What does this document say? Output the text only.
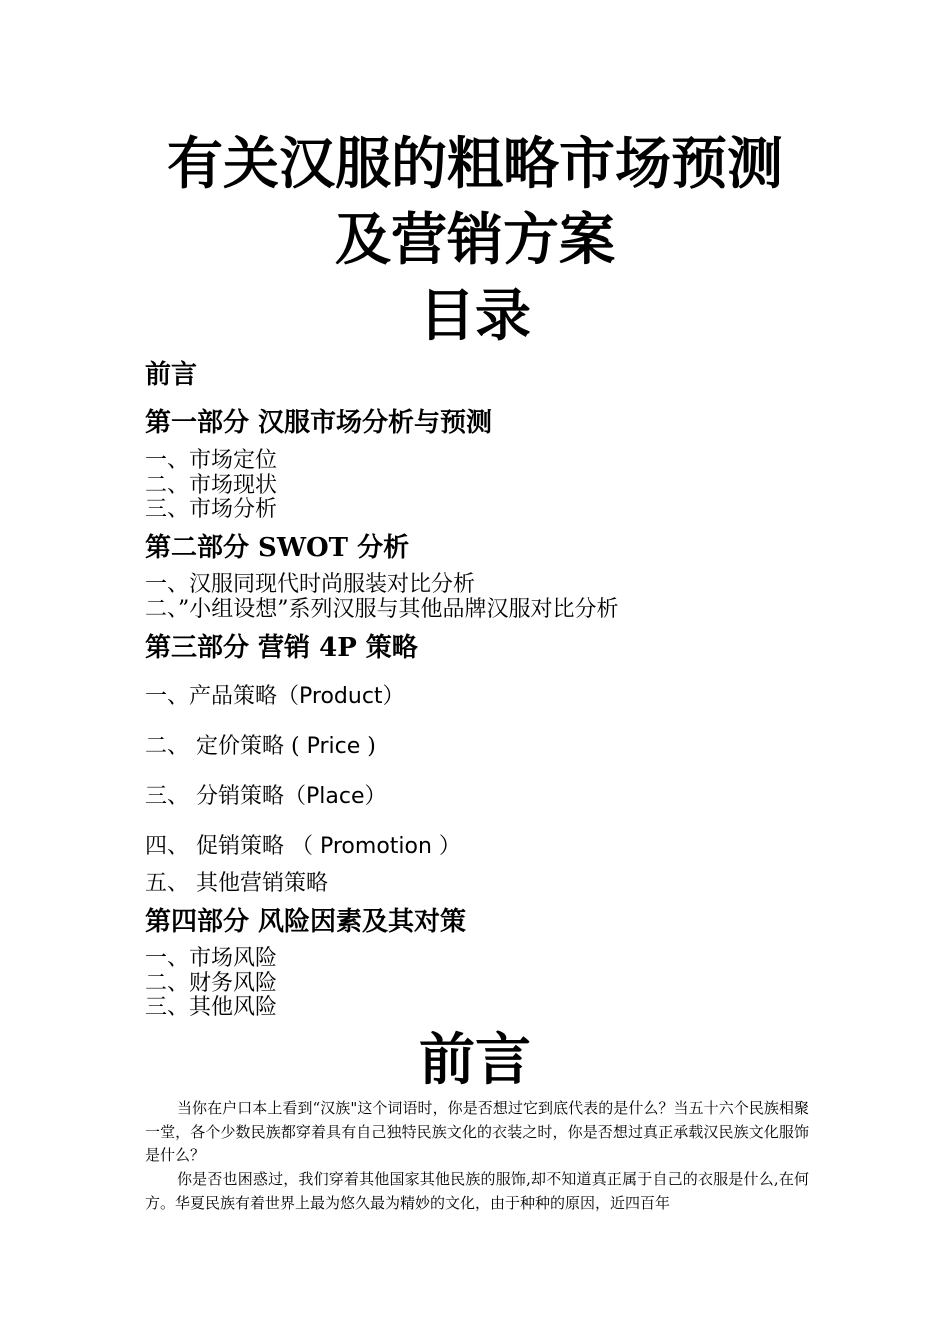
有关汉服的粗略市场预测
及营销方案
目录
前言
第一部分 汉服市场分析与预测
一、市场定位
二、市场现状
三、市场分析
第二部分 SWOT 分析
一、汉服同现代时尚服装对比分析
二、”小组设想”系列汉服与其他品牌汉服对比分析
第三部分 营销 4P 策略
一、产品策略（Product）
二、 定价策略 ( Price )
三、 分销策略（Place）
四、 促销策略 （ Promotion ）
五、 其他营销策略
第四部分 风险因素及其对策
一、市场风险
二、财务风险
三、其他风险
前言
当你在户口本上看到“汉族"这个词语时，你是否想过它到底代表的是什么？当五十六个民族相聚一堂，各个少数民族都穿着具有自己独特民族文化的衣装之时，你是否想过真正承载汉民族文化服饰是什么？
你是否也困惑过，我们穿着其他国家其他民族的服饰,却不知道真正属于自己的衣服是什么,在何方。华夏民族有着世界上最为悠久最为精妙的文化，由于种种的原因，近四百年
